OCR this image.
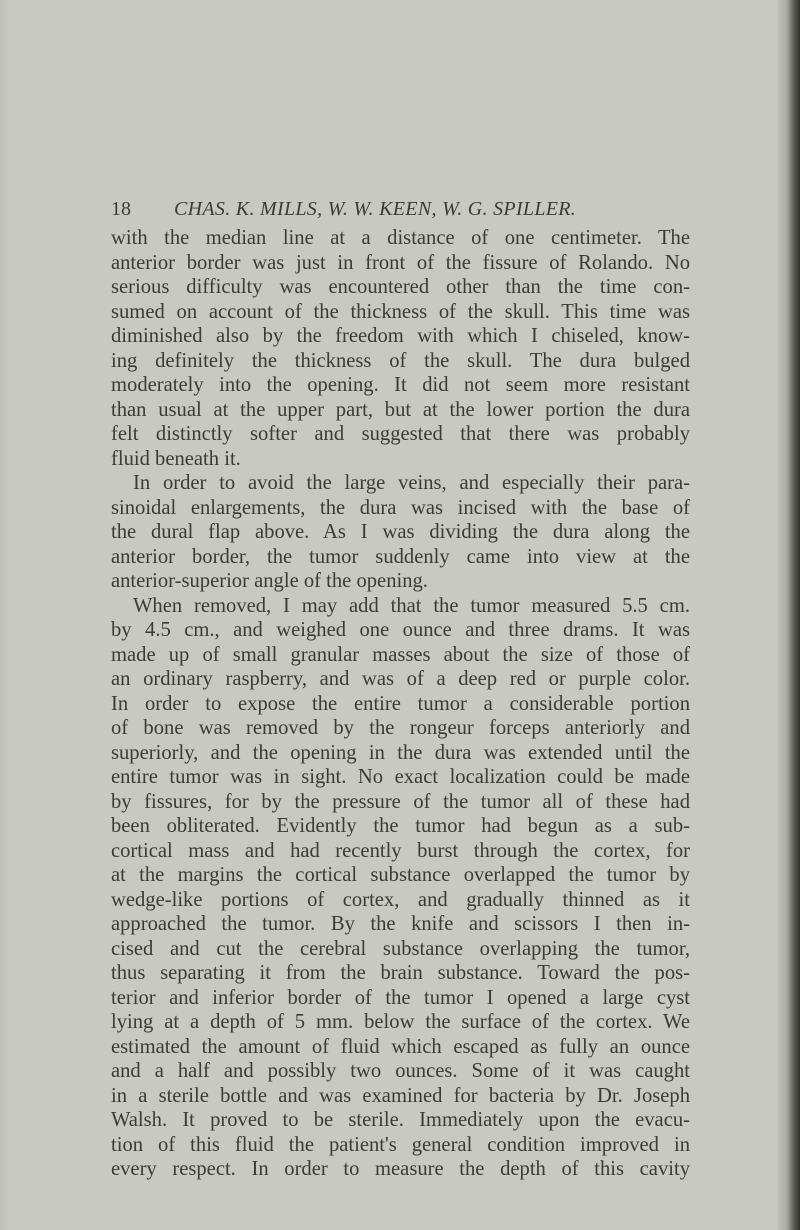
18 CHAS. K. MILLS, W. W. KEEN, W. G. SPILLER.
with the median line at a distance of one centimeter. The
anterior border was just in front of the fissure of Rolando. No
serious difficulty was encountered other than the time con-
sumed on account of the thickness of the skull. This time was
diminished also by the freedom with which I chiseled, know-
ing definitely the thickness of the skull. The dura bulged
moderately into the opening. It did not seem more resistant
than usual at the upper part, but at the lower portion the dura
felt distinctly softer and suggested that there was probably
fluid beneath it.
In order to avoid the large veins, and especially their para-
sinoidal enlargements, the dura was incised with the base of
the dural flap above. As I was dividing the dura along the
anterior border, the tumor suddenly came into view at the
anterior-superior angle of the opening.
When removed, I may add that the tumor measured 5.5 cm.
by 4.5 cm., and weighed one ounce and three drams. It was
made up of small granular masses about the size of those of
an ordinary raspberry, and was of a deep red or purple color.
In order to expose the entire tumor a considerable portion
of bone was removed by the rongeur forceps anteriorly and
superiorly, and the opening in the dura was extended until the
entire tumor was in sight. No exact localization could be made
by fissures, for by the pressure of the tumor all of these had
been obliterated. Evidently the tumor had begun as a sub-
cortical mass and had recently burst through the cortex, for
at the margins the cortical substance overlapped the tumor by
wedge-like portions of cortex, and gradually thinned as it
approached the tumor. By the knife and scissors I then in-
cised and cut the cerebral substance overlapping the tumor,
thus separating it from the brain substance. Toward the pos-
terior and inferior border of the tumor I opened a large cyst
lying at a depth of 5 mm. below the surface of the cortex. We
estimated the amount of fluid which escaped as fully an ounce
and a half and possibly two ounces. Some of it was caught
in a sterile bottle and was examined for bacteria by Dr. Joseph
Walsh. It proved to be sterile. Immediately upon the evacu-
tion of this fluid the patient's general condition improved in
every respect. In order to measure the depth of this cavity
